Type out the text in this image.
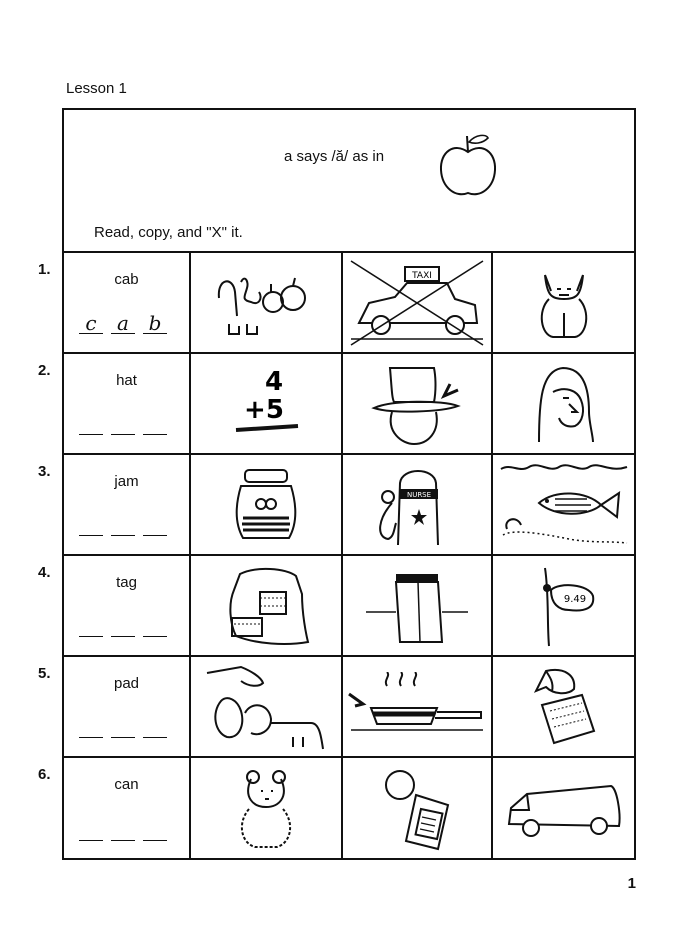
Lesson 1
a says /ă/ as in
Read, copy, and "X" it.
cab
c	a b
TAXI
hat	4
+5
jam
NURSE
tag
9.49
pad
can
1.
2.
3.
4.
5.
6.
1
